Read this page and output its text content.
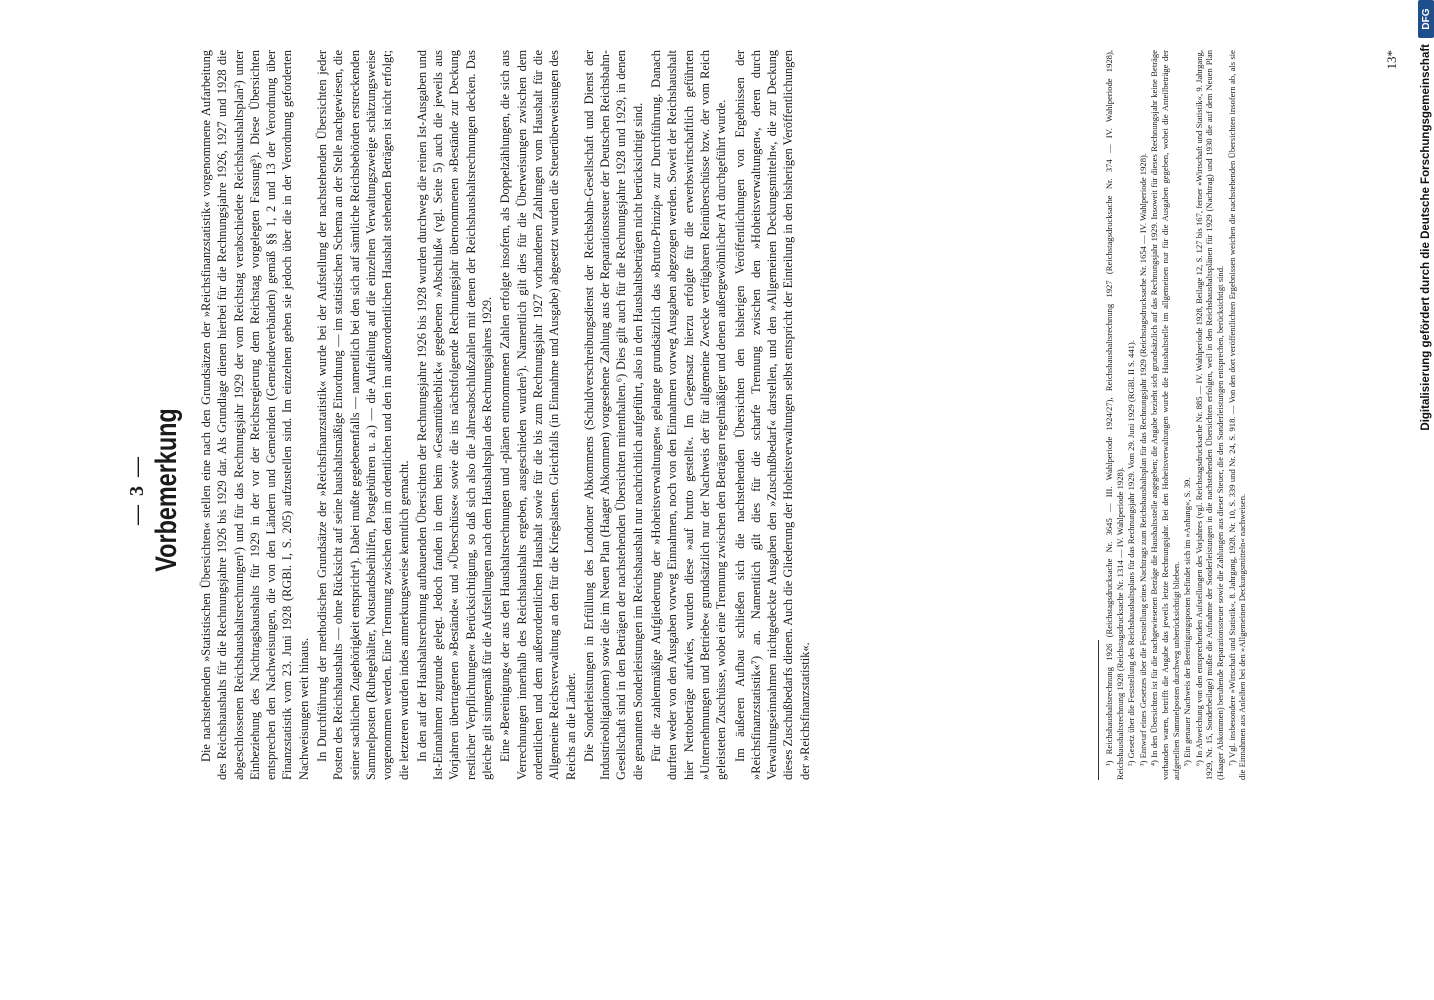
— 3 — Vorbemerkung Die nachstehenden »Statistischen Übersichten« stellen eine nach den Grundsätzen der »Reichsfinanzstatistik« vorgenommene Aufarbeitung des Reichshaushalts für die Rechnungsjahre 1926 bis 1929 dar. Als Grundlage dienen hierbei für die Rechnungsjahre 1926, 1927 und 1928 die abgeschlossenen Reichshaushaltsrechnungen¹) und für das Rechnungsjahr 1929 der vom Reichstag verabschiedete Reichshaushaltsplan²) unter Einbeziehung des Nachtragshaushalts für 1929 in der vor der Reichsregierung dem Reichstag vorgelegten Fassung³). Diese Übersichten entsprechen den Nachweisungen, die von den Ländern und Gemeinden (Gemeindeverbänden) gemäß §§ 1, 2 und 13 der Verordnung über Finanzstatistik vom 23. Juni 1928 (RGBl. I, S. 205) aufzustellen sind. Im einzelnen gehen sie jedoch über die in der Verordnung geforderten Nachweisungen weit hinaus. In Durchführung der methodischen Grundsätze der »Reichsfinanzstatistik« wurde bei der Aufstellung der nachstehenden Übersichten jeder Posten des Reichshaushalts — ohne Rücksicht auf seine haushaltsmäßige Einordnung — im statistischen Schema an der Stelle nachgewiesen, die seiner sachlichen Zugehörigkeit entspricht⁴). Dabei mußte gegebenenfalls — namentlich bei den sich auf sämtliche Reichsbehörden erstreckenden Sammelposten (Ruhegehälter, Notstandsbeihilfen, Postgebühren u. a.) — die Aufteilung auf die einzelnen Verwaltungszweige schätzungsweise vorgenommen werden. Eine Trennung zwischen den im ordentlichen und den im außerordentlichen Haushalt stehenden Beträgen ist nicht erfolgt; die letzteren wurden indes anmerkungsweise kenntlich gemacht. In den auf der Haushaltsrechnung aufbauenden Übersichten der Rechnungsjahre 1926 bis 1928 wurden durchweg die reinen Ist-Ausgaben und Ist-Einnahmen zugrunde gelegt. Jedoch fanden in dem beim »Gesamtüberblick« gegebenen »Abschluß« (vgl. Seite 5) auch die jeweils aus Vorjahren übertragenen »Bestände« und »Überschüsse« sowie die ins nächstfolgende Rechnungsjahr übernommenen »Bestände zur Deckung restlicher Verpflichtungen« Berücksichtigung, so daß sich also die Jahresabschlußzahlen mit denen der Reichshaushaltsrechnungen decken. Das gleiche gilt sinngemäß für die Aufstellungen nach dem Haushaltsplan des Rechnungsjahres 1929. Eine »Bereinigung« der aus den Haushaltsrechnungen und -plänen entnommenen Zahlen erfolgte insofern, als Doppelzählungen, die sich aus Verrechnungen innerhalb des Reichshaushalts ergeben, ausgeschieden wurden⁵). Namentlich gilt dies für die Überweisungen zwischen dem ordentlichen und dem außerordentlichen Haushalt sowie für die bis zum Rechnungsjahr 1927 vorhandenen Zahlungen vom Haushalt für die Allgemeine Reichsverwaltung an den für die Kriegslasten. Gleichfalls (in Einnahme und Ausgabe) abgesetzt wurden die Steuerüberweisungen des Reichs an die Länder. Die Sonderleistungen in Erfüllung des Londoner Abkommens (Schuldverschreibungsdienst der Reichsbahn-Gesellschaft und Dienst der Industrieobligationen) sowie die im Neuen Plan (Haager Abkommen) vorgesehene Zahlung aus der Reparationssteuer der Deutschen Reichsbahn-Gesellschaft sind in den Beträgen der nachstehenden Übersichten mitenthalten.⁶) Dies gilt auch für die Rechnungsjahre 1928 und 1929, in denen die genannten Sonderleistungen im Reichshaushalt nur nachrichtlich aufgeführt, also in den Haushaltsbeträgen nicht berücksichtigt sind. Für die zahlenmäßige Aufgliederung der »Hoheitsverwaltungen« gelangte grundsätzlich das »Brutto-Prinzip« zur Durchführung. Danach durften weder von den Ausgaben vorweg Einnahmen, noch von den Einnahmen vorweg Ausgaben abgezogen werden. Soweit der Reichshaushalt hier Nettobeträge aufwies, wurden diese »auf brutto gestellt«. Im Gegensatz hierzu erfolgte für die erwerbswirtschaftlich geführten »Unternehmungen und Betriebe« grundsätzlich nur der Nachweis der für allgemeine Zwecke verfügbaren Reinüberschüsse bzw. der vom Reich geleisteten Zuschüsse, wobei eine Trennung zwischen den Beträgen regelmäßiger und denen außergewöhnlicher Art durchgeführt wurde. Im äußeren Aufbau schließen sich die nachstehenden Übersichten den bisherigen Veröffentlichungen von Ergebnissen der »Reichsfinanzstatistik«⁷) an. Namentlich gilt dies für die scharfe Trennung zwischen den »Hoheitsverwaltungen«, deren durch Verwaltungseinnahmen nichtgedeckte Ausgaben den »Zuschußbedarf« darstellen, und den »Allgemeinen Deckungsmitteln«, die zur Deckung dieses Zuschußbedarfs dienen. Auch die Gliederung der Hoheitsverwaltungen selbst entspricht der Einteilung in den bisherigen Veröffentlichungen der »Reichsfinanzstatistik«.	¹) Reichshaushaltsrechnung 1926 (Reichstagsdrucksache Nr. 3645 — III. Wahlperiode 1924/27), Reichshaushaltsrechnung 1927 (Reichstagsdrucksache Nr. 374 — IV. Wahlperiode 1928), Reichshaushaltsrechnung 1928 (Reichstagsdrucksache Nr. 1314 — IV. Wahlperiode 1928). ²) Gesetz über die Feststellung des Reichshaushaltsplans für das Rechnungsjahr 1929. Vom 29. Juni 1929 (RGBl. II S. 441). ³) Entwurf eines Gesetzes über die Feststellung eines Nachtrags zum Reichshaushaltsplan für das Rechnungsjahr 1929 (Reichstagsdrucksache Nr. 1654 — IV. Wahlperiode 1928). ⁴) In den Übersichten ist für die nachgewiesenen Beträge die Haushaltsstelle angegeben; die Angabe bezieht sich grundsätzlich auf das Rechnungsjahr 1929. Insoweit für dieses Rechnungsjahr keine Beträge vorhanden waren, betrifft die Angabe das jeweils letzte Rechnungsjahr. Bei den Hoheitsverwaltungen wurde die Haushaltstelle im allgemeinen nur für die Ausgaben gegeben, wobei die Anteilbeträge der aufgeteilten Sammelposten durchweg unberücksichtigt blieben. ⁵) Ein genauer Nachweis der Bereinigungsposten befindet sich im »Anhang«, S. 39. ⁶) In Abweichung von den entsprechenden Aufstellungen des Vorjahres (vgl. Reichstagsdrucksache Nr. 885 — IV. Wahlperiode 1928, Beilage 12, S. 127 bis 167, ferner »Wirtschaft und Statistik«, 9. Jahrgang, 1929, Nr. 15, Sonderbeilage) mußte die Aufnahme der Sonderleistungen in die nachstehenden Übersichten erfolgen, weil in den Reichshaushaltsplänen für 1929 (Nachtrag) und 1930 die auf dem Neuen Plan (Haager Abkommen) beruhende Reparationssteuer sowie die Zahlungen aus dieser Steuer, die den Sonderleistungen entsprechen, berücksichtigt sind. ⁷) Vgl. insbesondere »Wirtschaft und Statistik«, 8. Jahrgang, 1928, Nr. 10, S. 339 und Nr. 24, S. 918. — Von den dort veröffentlichten Ergebnissen weichen die nachstehenden Übersichten insofern ab, als sie die Einnahmen aus Anleihen bei den »Allgemeinen Deckungsmitteln« nachweisen.

13* Digitalisierung gefördert durch die Deutsche Forschungsgemeinschaft
DFG
